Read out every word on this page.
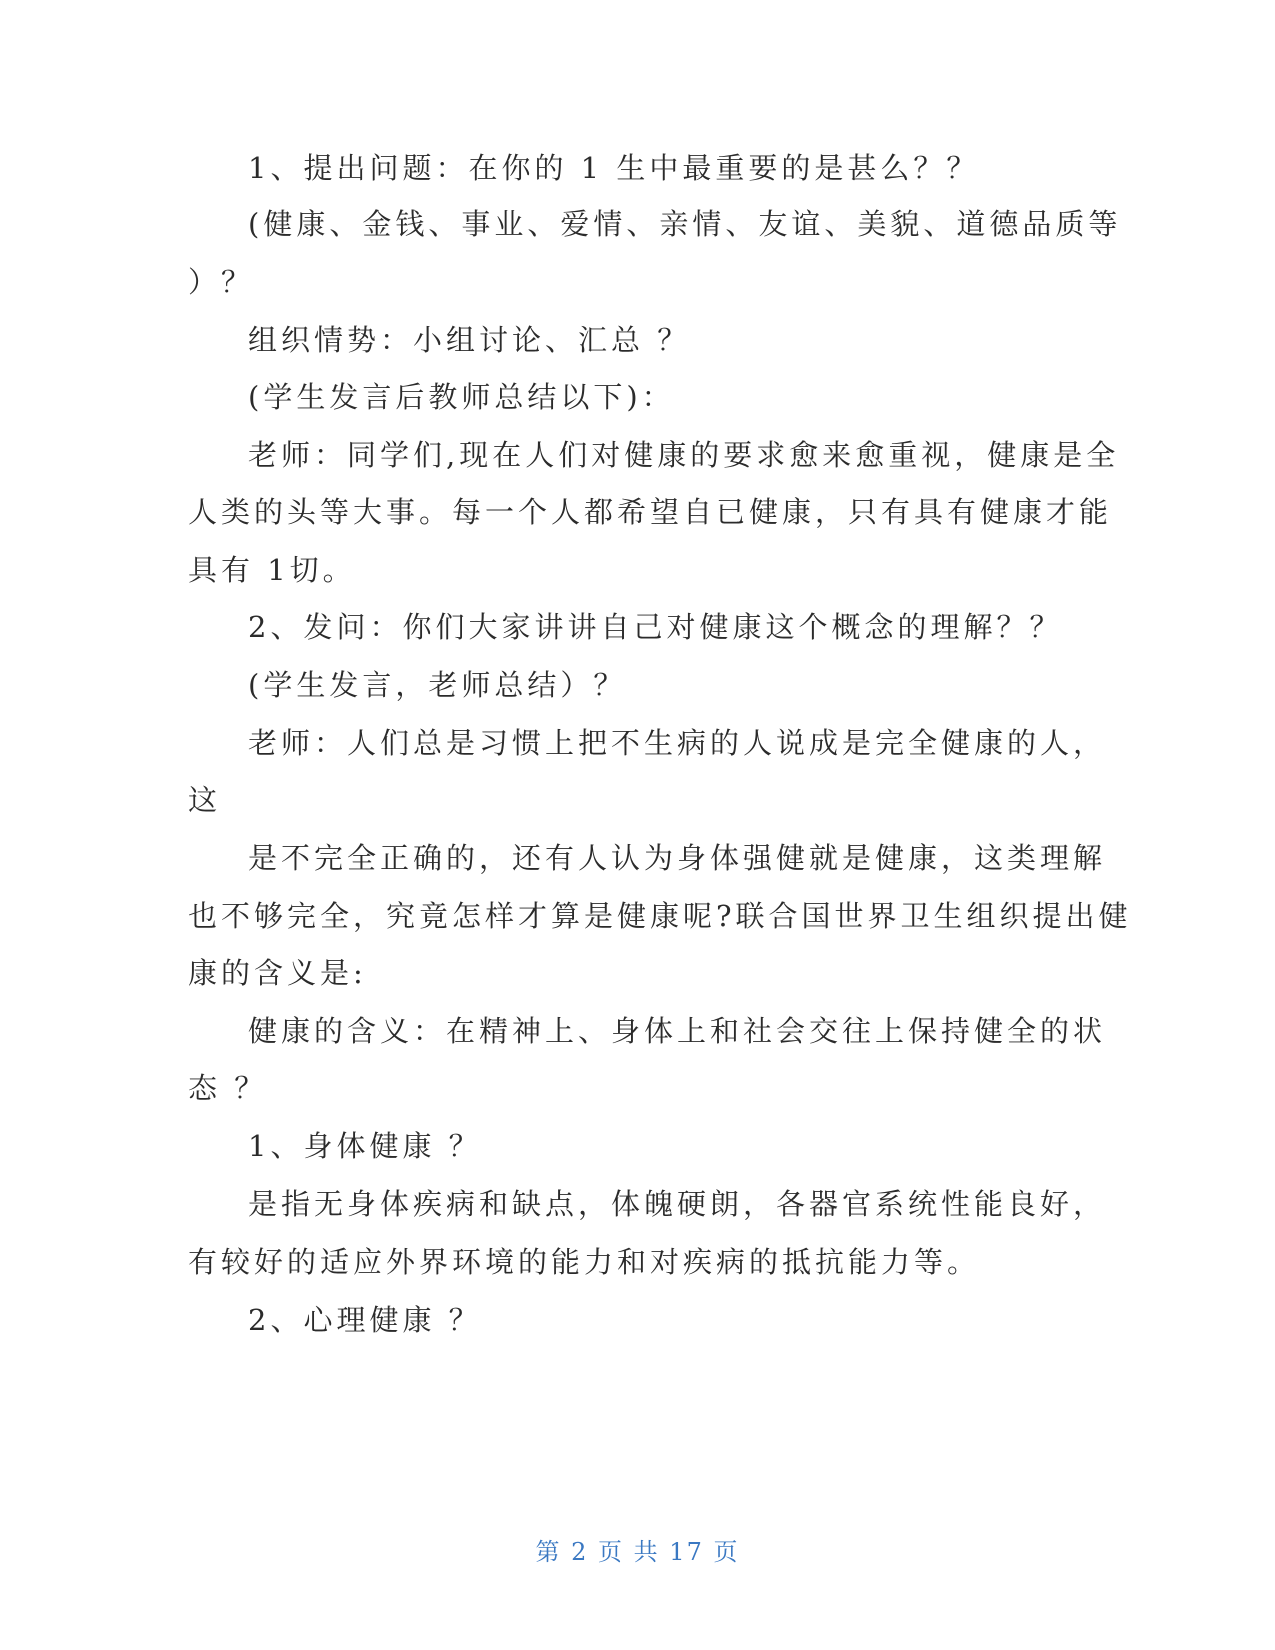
1、提出问题：在你的 1 生中最重要的是甚么？？
(健康、金钱、事业、爱情、亲情、友谊、美貌、道德品质等
）？
组织情势：小组讨论、汇总 ？
(学生发言后教师总结以下)：
老师：同学们,现在人们对健康的要求愈来愈重视，健康是全
人类的头等大事。每一个人都希望自已健康，只有具有健康才能
具有 1切。
2、发问：你们大家讲讲自己对健康这个概念的理解？？
(学生发言，老师总结）？
老师：人们总是习惯上把不生病的人说成是完全健康的人，
这
是不完全正确的，还有人认为身体强健就是健康，这类理解
也不够完全，究竟怎样才算是健康呢?联合国世界卫生组织提出健
康的含义是:
健康的含义：在精神上、身体上和社会交往上保持健全的状
态 ？
1、身体健康 ？
是指无身体疾病和缺点，体魄硬朗，各器官系统性能良好，
有较好的适应外界环境的能力和对疾病的抵抗能力等。
2、心理健康 ？
第 2 页 共 17 页
